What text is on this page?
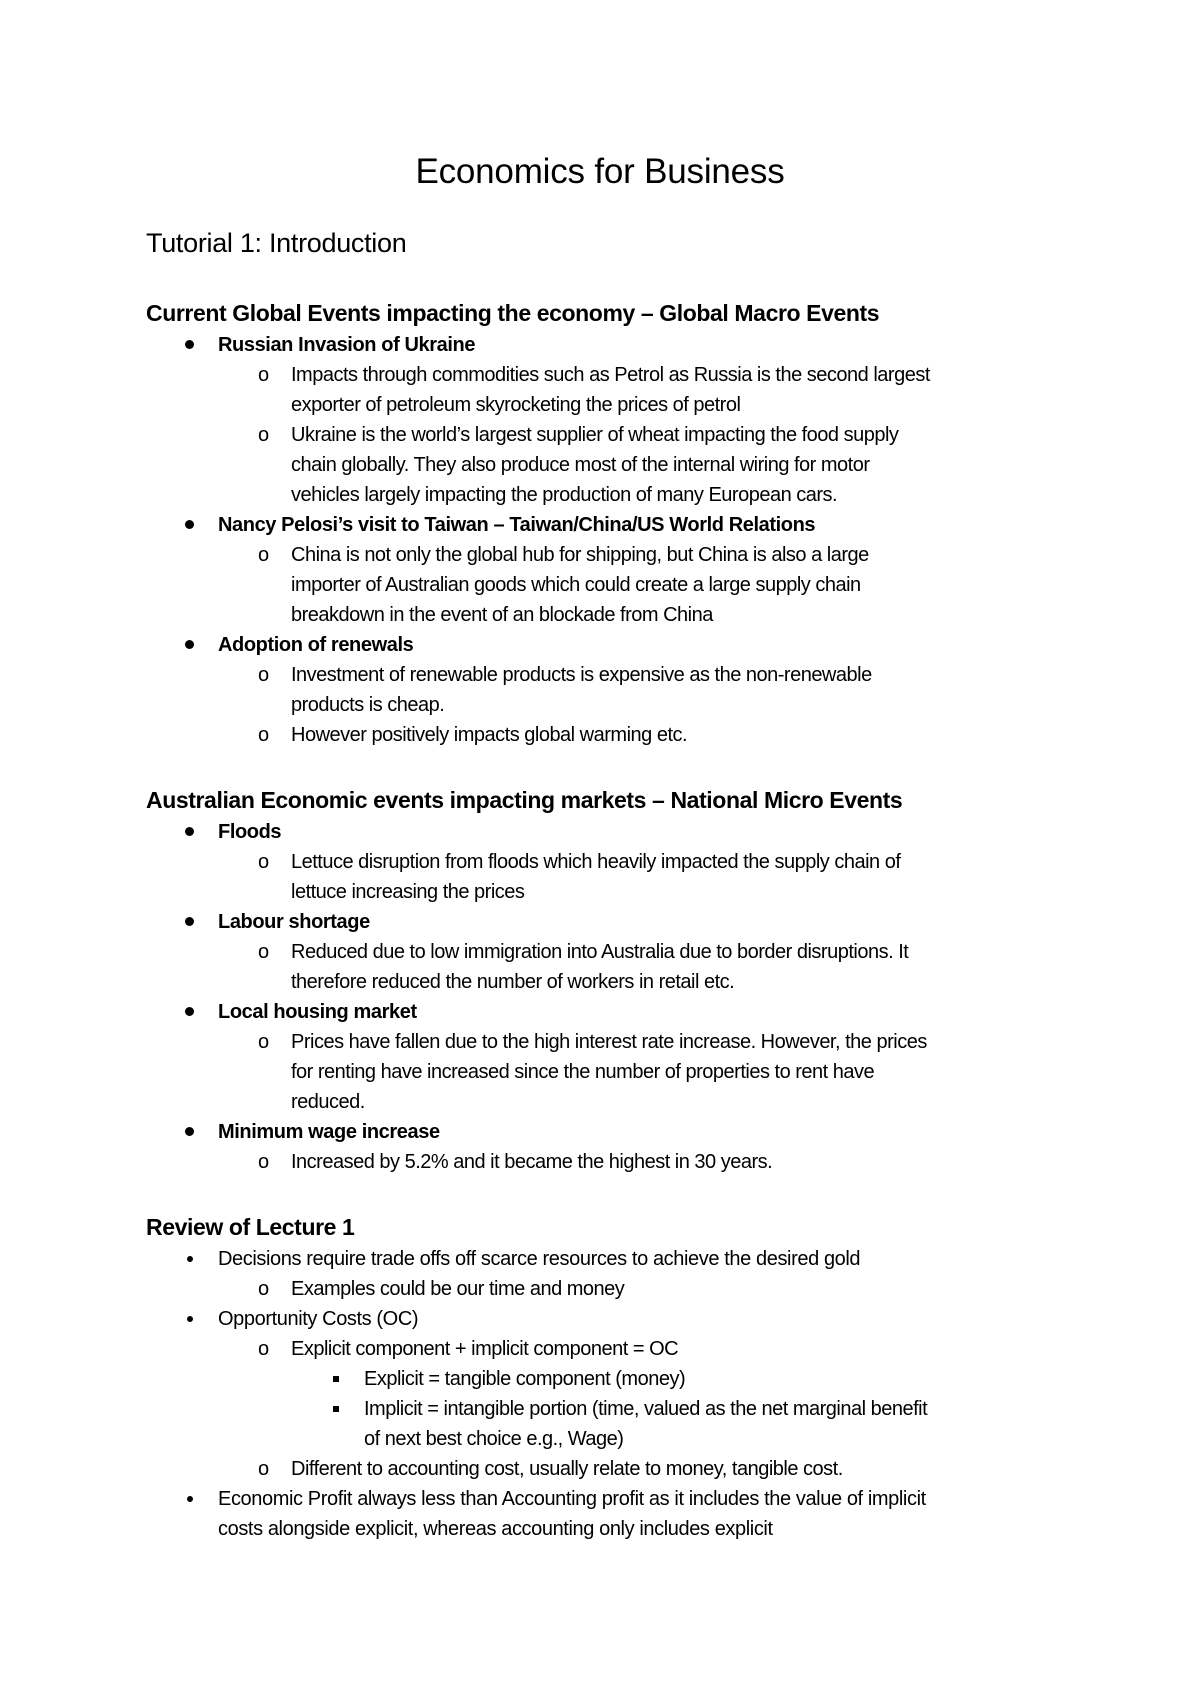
Economics for Business
Tutorial 1: Introduction
Current Global Events impacting the economy – Global Macro Events
Russian Invasion of Ukraine
o Impacts through commodities such as Petrol as Russia is the second largest
exporter of petroleum skyrocketing the prices of petrol
o Ukraine is the world’s largest supplier of wheat impacting the food supply
chain globally. They also produce most of the internal wiring for motor
vehicles largely impacting the production of many European cars.
Nancy Pelosi’s visit to Taiwan – Taiwan/China/US World Relations
o China is not only the global hub for shipping, but China is also a large
importer of Australian goods which could create a large supply chain
breakdown in the event of an blockade from China
Adoption of renewals
o Investment of renewable products is expensive as the non-renewable
products is cheap.
o However positively impacts global warming etc.
Australian Economic events impacting markets – National Micro Events
Floods
o Lettuce disruption from floods which heavily impacted the supply chain of
lettuce increasing the prices
Labour shortage
o Reduced due to low immigration into Australia due to border disruptions. It
therefore reduced the number of workers in retail etc.
Local housing market
o Prices have fallen due to the high interest rate increase. However, the prices
for renting have increased since the number of properties to rent have
reduced.
Minimum wage increase
o Increased by 5.2% and it became the highest in 30 years.
Review of Lecture 1
Decisions require trade offs off scarce resources to achieve the desired gold
o Examples could be our time and money
Opportunity Costs (OC)
o Explicit component + implicit component = OC
Explicit = tangible component (money)
Implicit = intangible portion (time, valued as the net marginal benefit
of next best choice e.g., Wage)
o Different to accounting cost, usually relate to money, tangible cost.
Economic Profit always less than Accounting profit as it includes the value of implicit
costs alongside explicit, whereas accounting only includes explicit
